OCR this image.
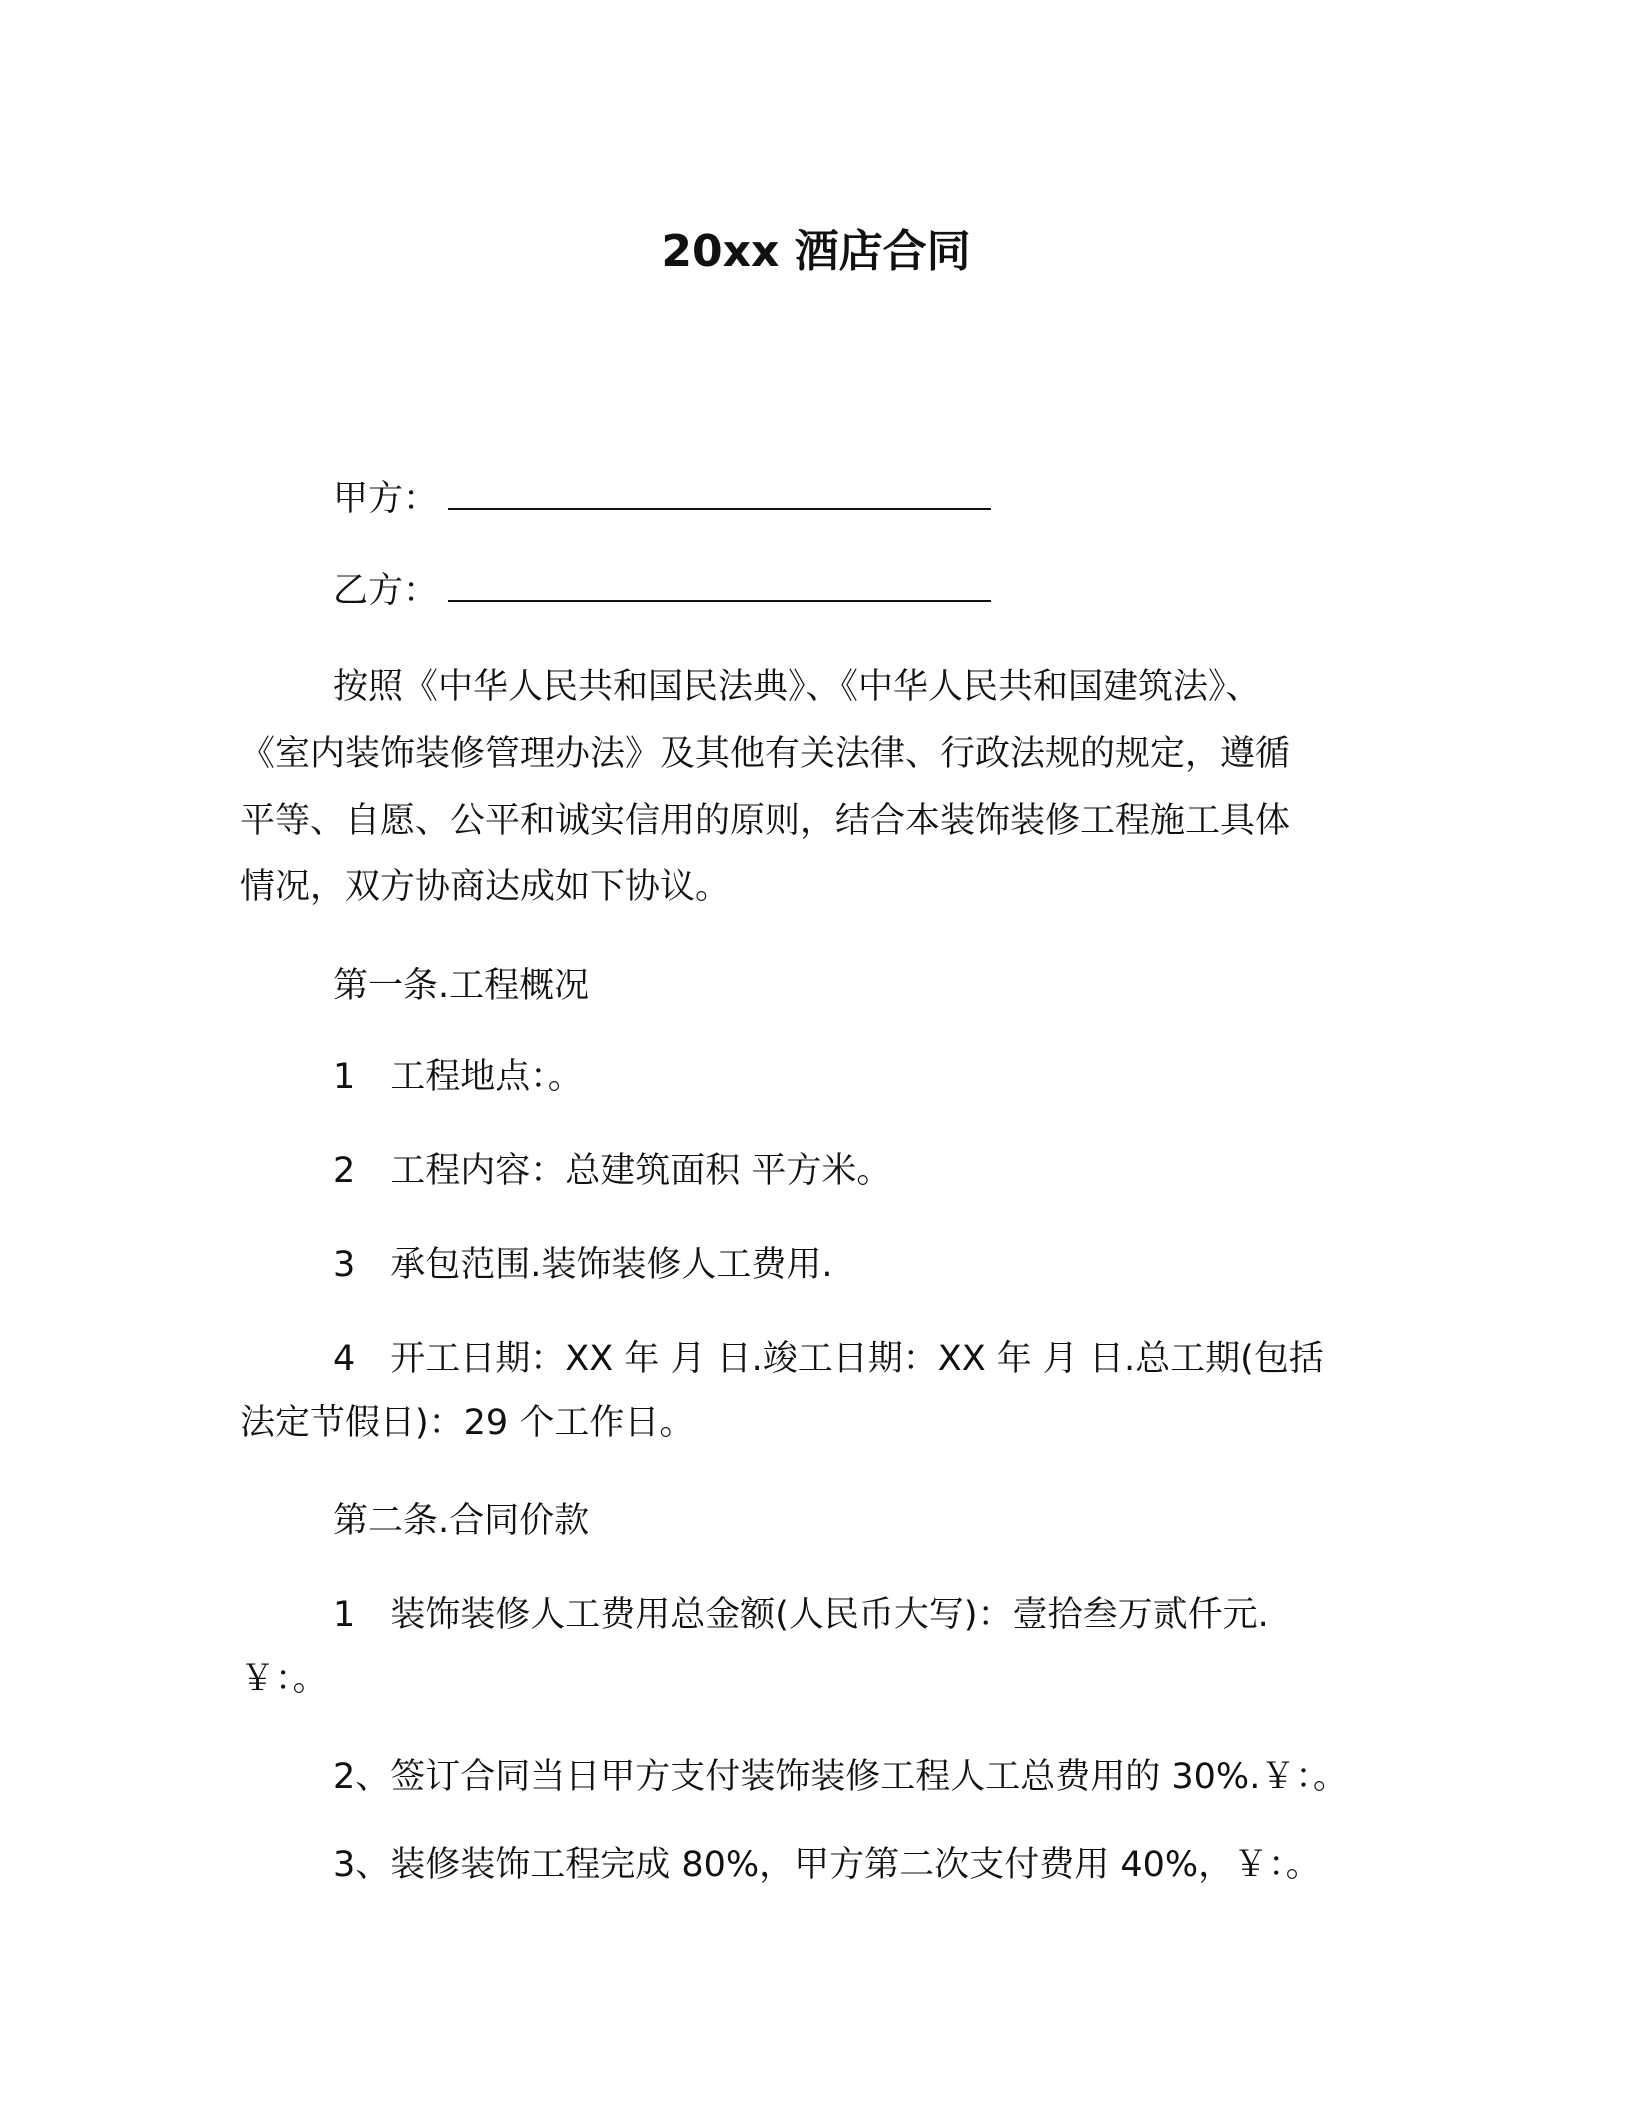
20xx 酒店合同
甲方：
乙方：
按照《中华人民共和国民法典》、《中华人民共和国建筑法》、
《室内装饰装修管理办法》及其他有关法律、行政法规的规定，遵循
平等、自愿、公平和诚实信用的原则，结合本装饰装修工程施工具体
情况，双方协商达成如下协议。
第一条.工程概况
1　工程地点：。
2　工程内容：总建筑面积 平方米。
3　承包范围.装饰装修人工费用.
4　开工日期：XX 年 月 日.竣工日期：XX 年 月 日.总工期(包括
法定节假日)：29 个工作日。
第二条.合同价款
1　装饰装修人工费用总金额(人民币大写)：壹拾叁万贰仟元.
￥：。
2、签订合同当日甲方支付装饰装修工程人工总费用的 30%.￥：。
3、装修装饰工程完成 80%，甲方第二次支付费用 40%，￥：。
